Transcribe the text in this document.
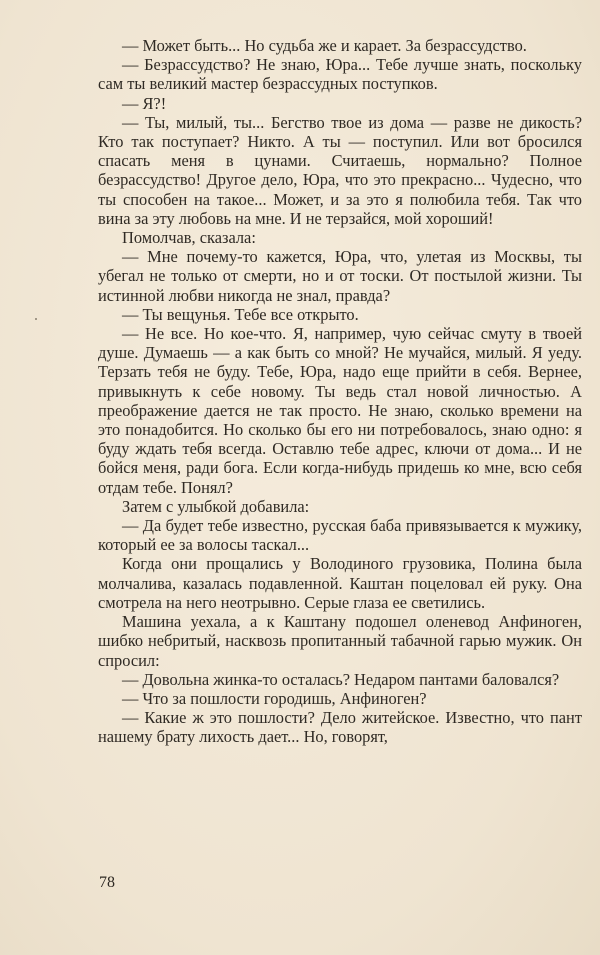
— Может быть... Но судьба же и карает. За безрассудство.

— Безрассудство? Не знаю, Юра... Тебе лучше знать, поскольку сам ты великий мастер безрассудных поступков.

— Я?!

— Ты, милый, ты... Бегство твое из дома — разве не дикость? Кто так поступает? Никто. А ты — поступил. Или вот бросился спасать меня в цунами. Считаешь, нормально? Полное безрассудство! Другое дело, Юра, что это прекрасно... Чудесно, что ты способен на такое... Может, и за это я полюбила тебя. Так что вина за эту любовь на мне. И не терзайся, мой хороший!

Помолчав, сказала:

— Мне почему-то кажется, Юра, что, улетая из Москвы, ты убегал не только от смерти, но и от тоски. От постылой жизни. Ты истинной любви никогда не знал, правда?

— Ты вещунья. Тебе все открыто.

— Не все. Но кое-что. Я, например, чую сейчас смуту в твоей душе. Думаешь — а как быть со мной? Не мучайся, милый. Я уеду. Терзать тебя не буду. Тебе, Юра, надо еще прийти в себя. Вернее, привыкнуть к себе новому. Ты ведь стал новой личностью. А преображение дается не так просто. Не знаю, сколько времени на это понадобится. Но сколько бы его ни потребовалось, знаю одно: я буду ждать тебя всегда. Оставлю тебе адрес, ключи от дома... И не бойся меня, ради бога. Если когда-нибудь придешь ко мне, всю себя отдам тебе. Понял?

Затем с улыбкой добавила:

— Да будет тебе известно, русская баба привязывается к мужику, который ее за волосы таскал...

Когда они прощались у Володиного грузовика, Полина была молчалива, казалась подавленной. Каштан поцеловал ей руку. Она смотрела на него неотрывно. Серые глаза ее светились.

Машина уехала, а к Каштану подошел оленевод Анфиноген, шибко небритый, насквозь пропитанный табачной гарью мужик. Он спросил:

— Довольна жинка-то осталась? Недаром пантами баловался?

— Что за пошлости городишь, Анфиноген?

— Какие ж это пошлости? Дело житейское. Известно, что пант нашему брату лихость дает... Но, говорят,

78
